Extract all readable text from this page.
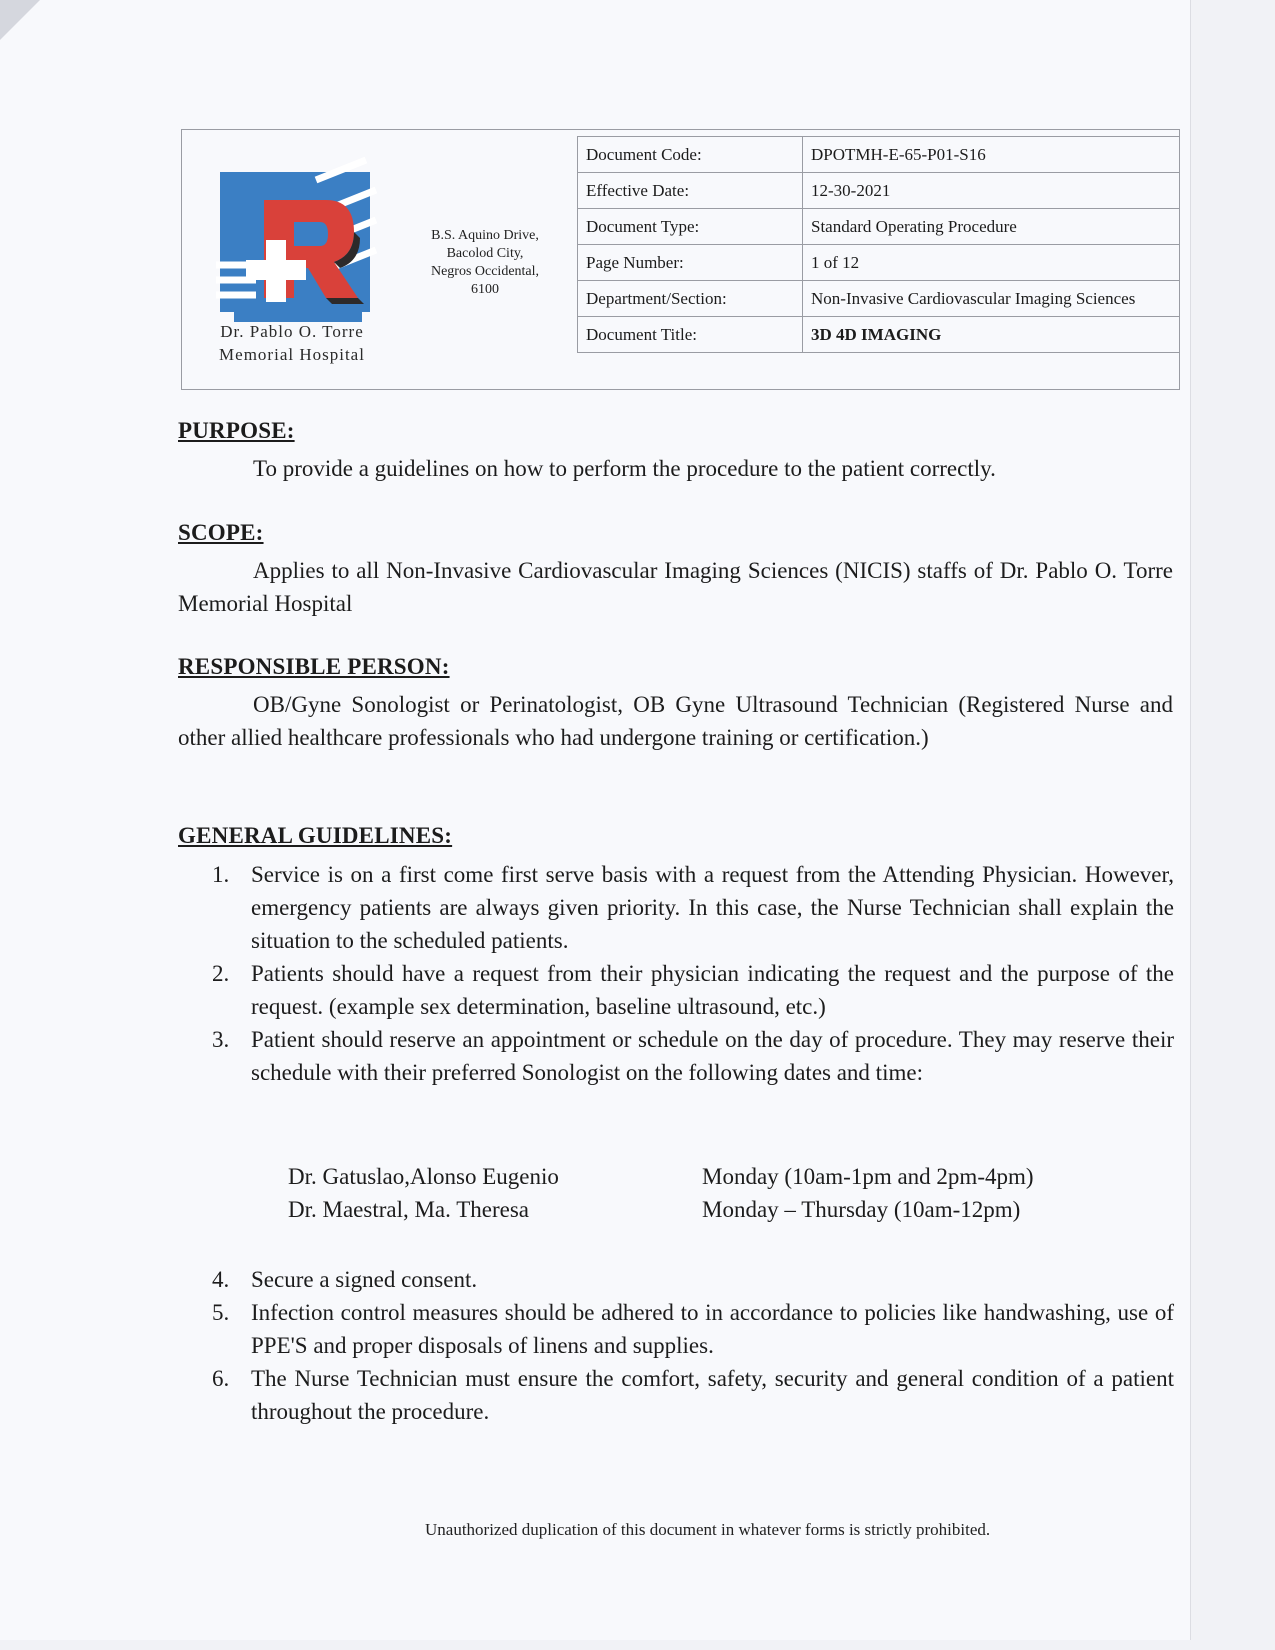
Dr. Pablo O. Torre
Memorial Hospital
B.S. Aquino Drive,
Bacolod City,
Negros Occidental,
6100
Document Code:	DPOTMH-E-65-P01-S16
Effective Date:	12-30-2021
Document Type:	Standard Operating Procedure
Page Number:	1 of 12
Department/Section:	Non-Invasive Cardiovascular Imaging Sciences
Document Title:	3D 4D IMAGING
PURPOSE:
To provide a guidelines on how to perform the procedure to the patient correctly.
SCOPE:
Applies to all Non-Invasive Cardiovascular Imaging Sciences (NICIS) staffs of Dr. Pablo O. Torre Memorial Hospital
RESPONSIBLE PERSON:
OB/Gyne Sonologist or Perinatologist, OB Gyne Ultrasound Technician (Registered Nurse and other allied healthcare professionals who had undergone training or certification.)
GENERAL GUIDELINES:
1. Service is on a first come first serve basis with a request from the Attending Physician. However, emergency patients are always given priority. In this case, the Nurse Technician shall explain the situation to the scheduled patients.
2. Patients should have a request from their physician indicating the request and the purpose of the request. (example sex determination, baseline ultrasound, etc.)
3. Patient should reserve an appointment or schedule on the day of procedure. They may reserve their schedule with their preferred Sonologist on the following dates and time:
Dr. Gatuslao,Alonso Eugenio	Monday (10am-1pm and 2pm-4pm)
Dr. Maestral, Ma. Theresa	Monday – Thursday (10am-12pm)
4. Secure a signed consent.
5. Infection control measures should be adhered to in accordance to policies like handwashing, use of PPE'S and proper disposals of linens and supplies.
6. The Nurse Technician must ensure the comfort, safety, security and general condition of a patient throughout the procedure.
Unauthorized duplication of this document in whatever forms is strictly prohibited.
